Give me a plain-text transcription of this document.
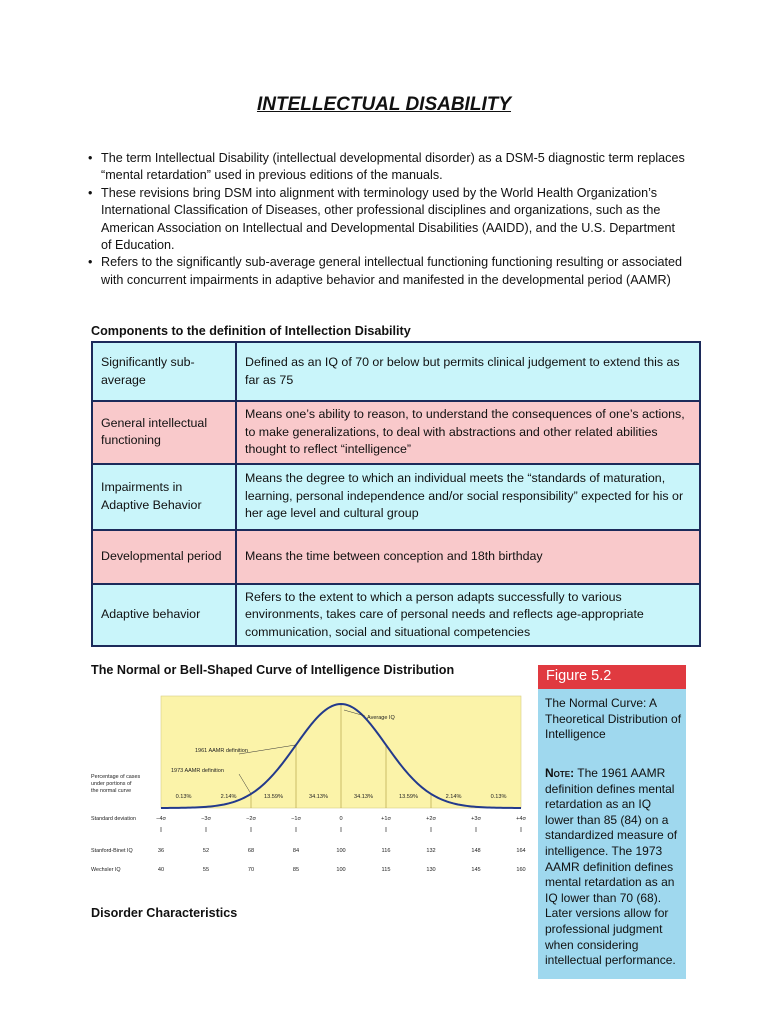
INTELLECTUAL DISABILITY
• The term Intellectual Disability (intellectual developmental disorder) as a DSM-5 diagnostic term replaces “mental retardation” used in previous editions of the manuals.
• These revisions bring DSM into alignment with terminology used by the World Health Organization’s International Classification of Diseases, other professional disciplines and organizations, such as the American Association on Intellectual and Developmental Disabilities (AAIDD), and the U.S. Department of Education.
• Refers to the significantly sub-average general intellectual functioning functioning resulting or associated with concurrent impairments in adaptive behavior and manifested in the developmental period (AAMR)
Components to the definition of Intellection Disability
Significantly sub-average	Defined as an IQ of 70 or below but permits clinical judgement to extend this as far as 75
General intellectual functioning	Means one’s ability to reason, to understand the consequences of one’s actions, to make generalizations, to deal with abstractions and other related abilities thought to reflect “intelligence”
Impairments in Adaptive Behavior	Means the degree to which an individual meets the “standards of maturation, learning, personal independence and/or social responsibility” expected for his or her age level and cultural group
Developmental period	Means the time between conception and 18th birthday
Adaptive behavior	Refers to the extent to which a person adapts successfully to various environments, takes care of personal needs and reflects age-appropriate communication, social and situational competencies
The Normal or Bell-Shaped Curve of Intelligence Distribution
Average IQ
1961 AAMR definition
1973 AAMR definition
Percentage of cases
under portions of
the normal curve
0.13%	2.14%	13.59%	34.13%	34.13%	13.59%	2.14%	0.13%
Standard deviation	−4σ	−3σ	−2σ	−1σ	0	+1σ	+2σ	+3σ	+4σ
Stanford-Binet IQ	36	52	68	84	100	116	132	148	164
Wechsler IQ	40	55	70	85	100	115	130	145	160
Disorder Characteristics
Figure 5.2
The Normal Curve: A Theoretical Distribution of Intelligence
Note: The 1961 AAMR definition defines mental retardation as an IQ lower than 85 (84) on a standardized measure of intelligence. The 1973 AAMR definition defines mental retardation as an IQ lower than 70 (68). Later versions allow for professional judgment when considering intellectual performance.
